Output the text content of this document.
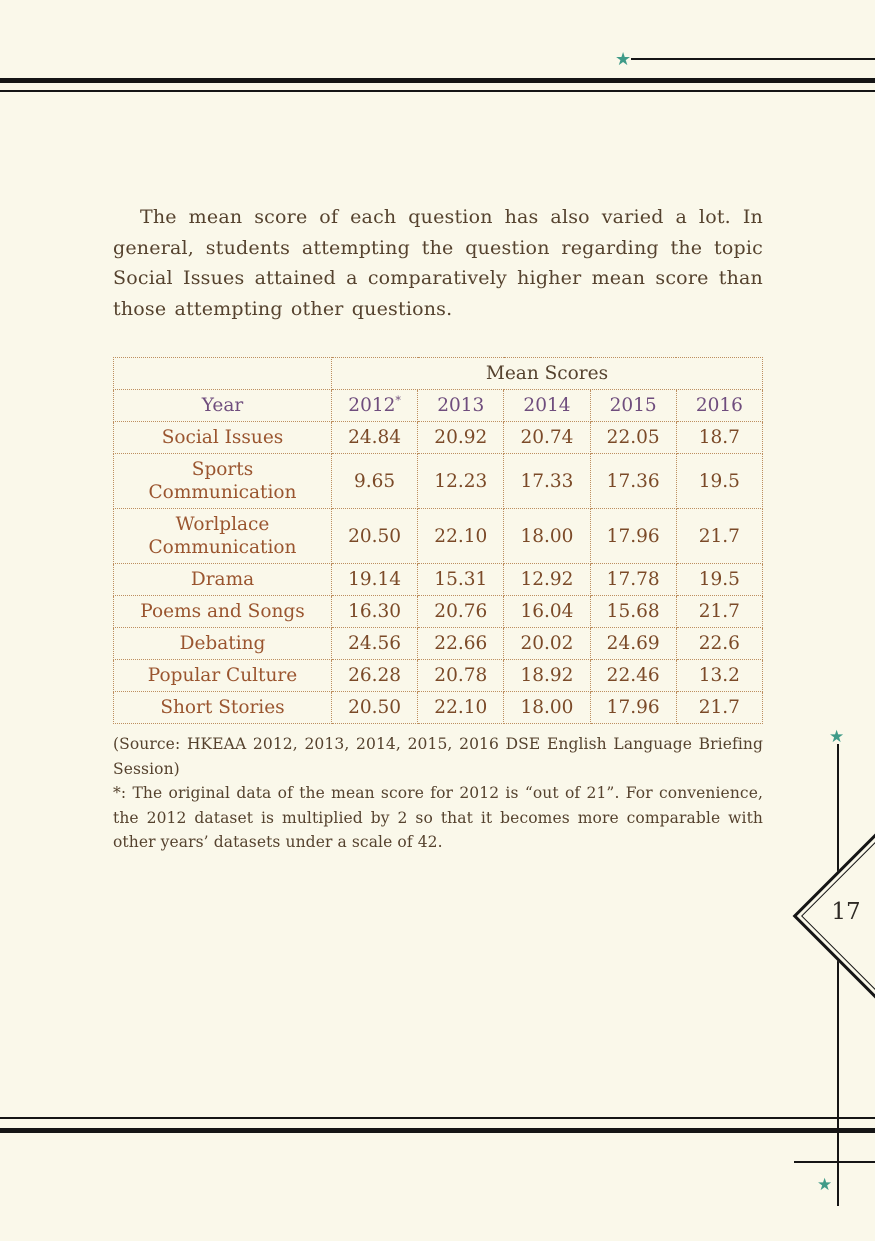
★

The mean score of each question has also varied a lot. In general, students attempting the question regarding the topic Social Issues attained a comparatively higher mean score than those attempting other questions.

	Mean Scores				
Year	2012*	2013	2014	2015	2016
Social Issues	24.84	20.92	20.74	22.05	18.7
Sports Communication	9.65	12.23	17.33	17.36	19.5
Worlplace Communication	20.50	22.10	18.00	17.96	21.7
Drama	19.14	15.31	12.92	17.78	19.5
Poems and Songs	16.30	20.76	16.04	15.68	21.7
Debating	24.56	22.66	20.02	24.69	22.6
Popular Culture	26.28	20.78	18.92	22.46	13.2
Short Stories	20.50	22.10	18.00	17.96	21.7

(Source: HKEAA 2012, 2013, 2014, 2015, 2016 DSE English Language Briefing Session)

*: The original data of the mean score for 2012 is “out of 21”. For convenience, the 2012 dataset is multiplied by 2 so that it becomes more comparable with other years’ datasets under a scale of 42.

★
17
★
